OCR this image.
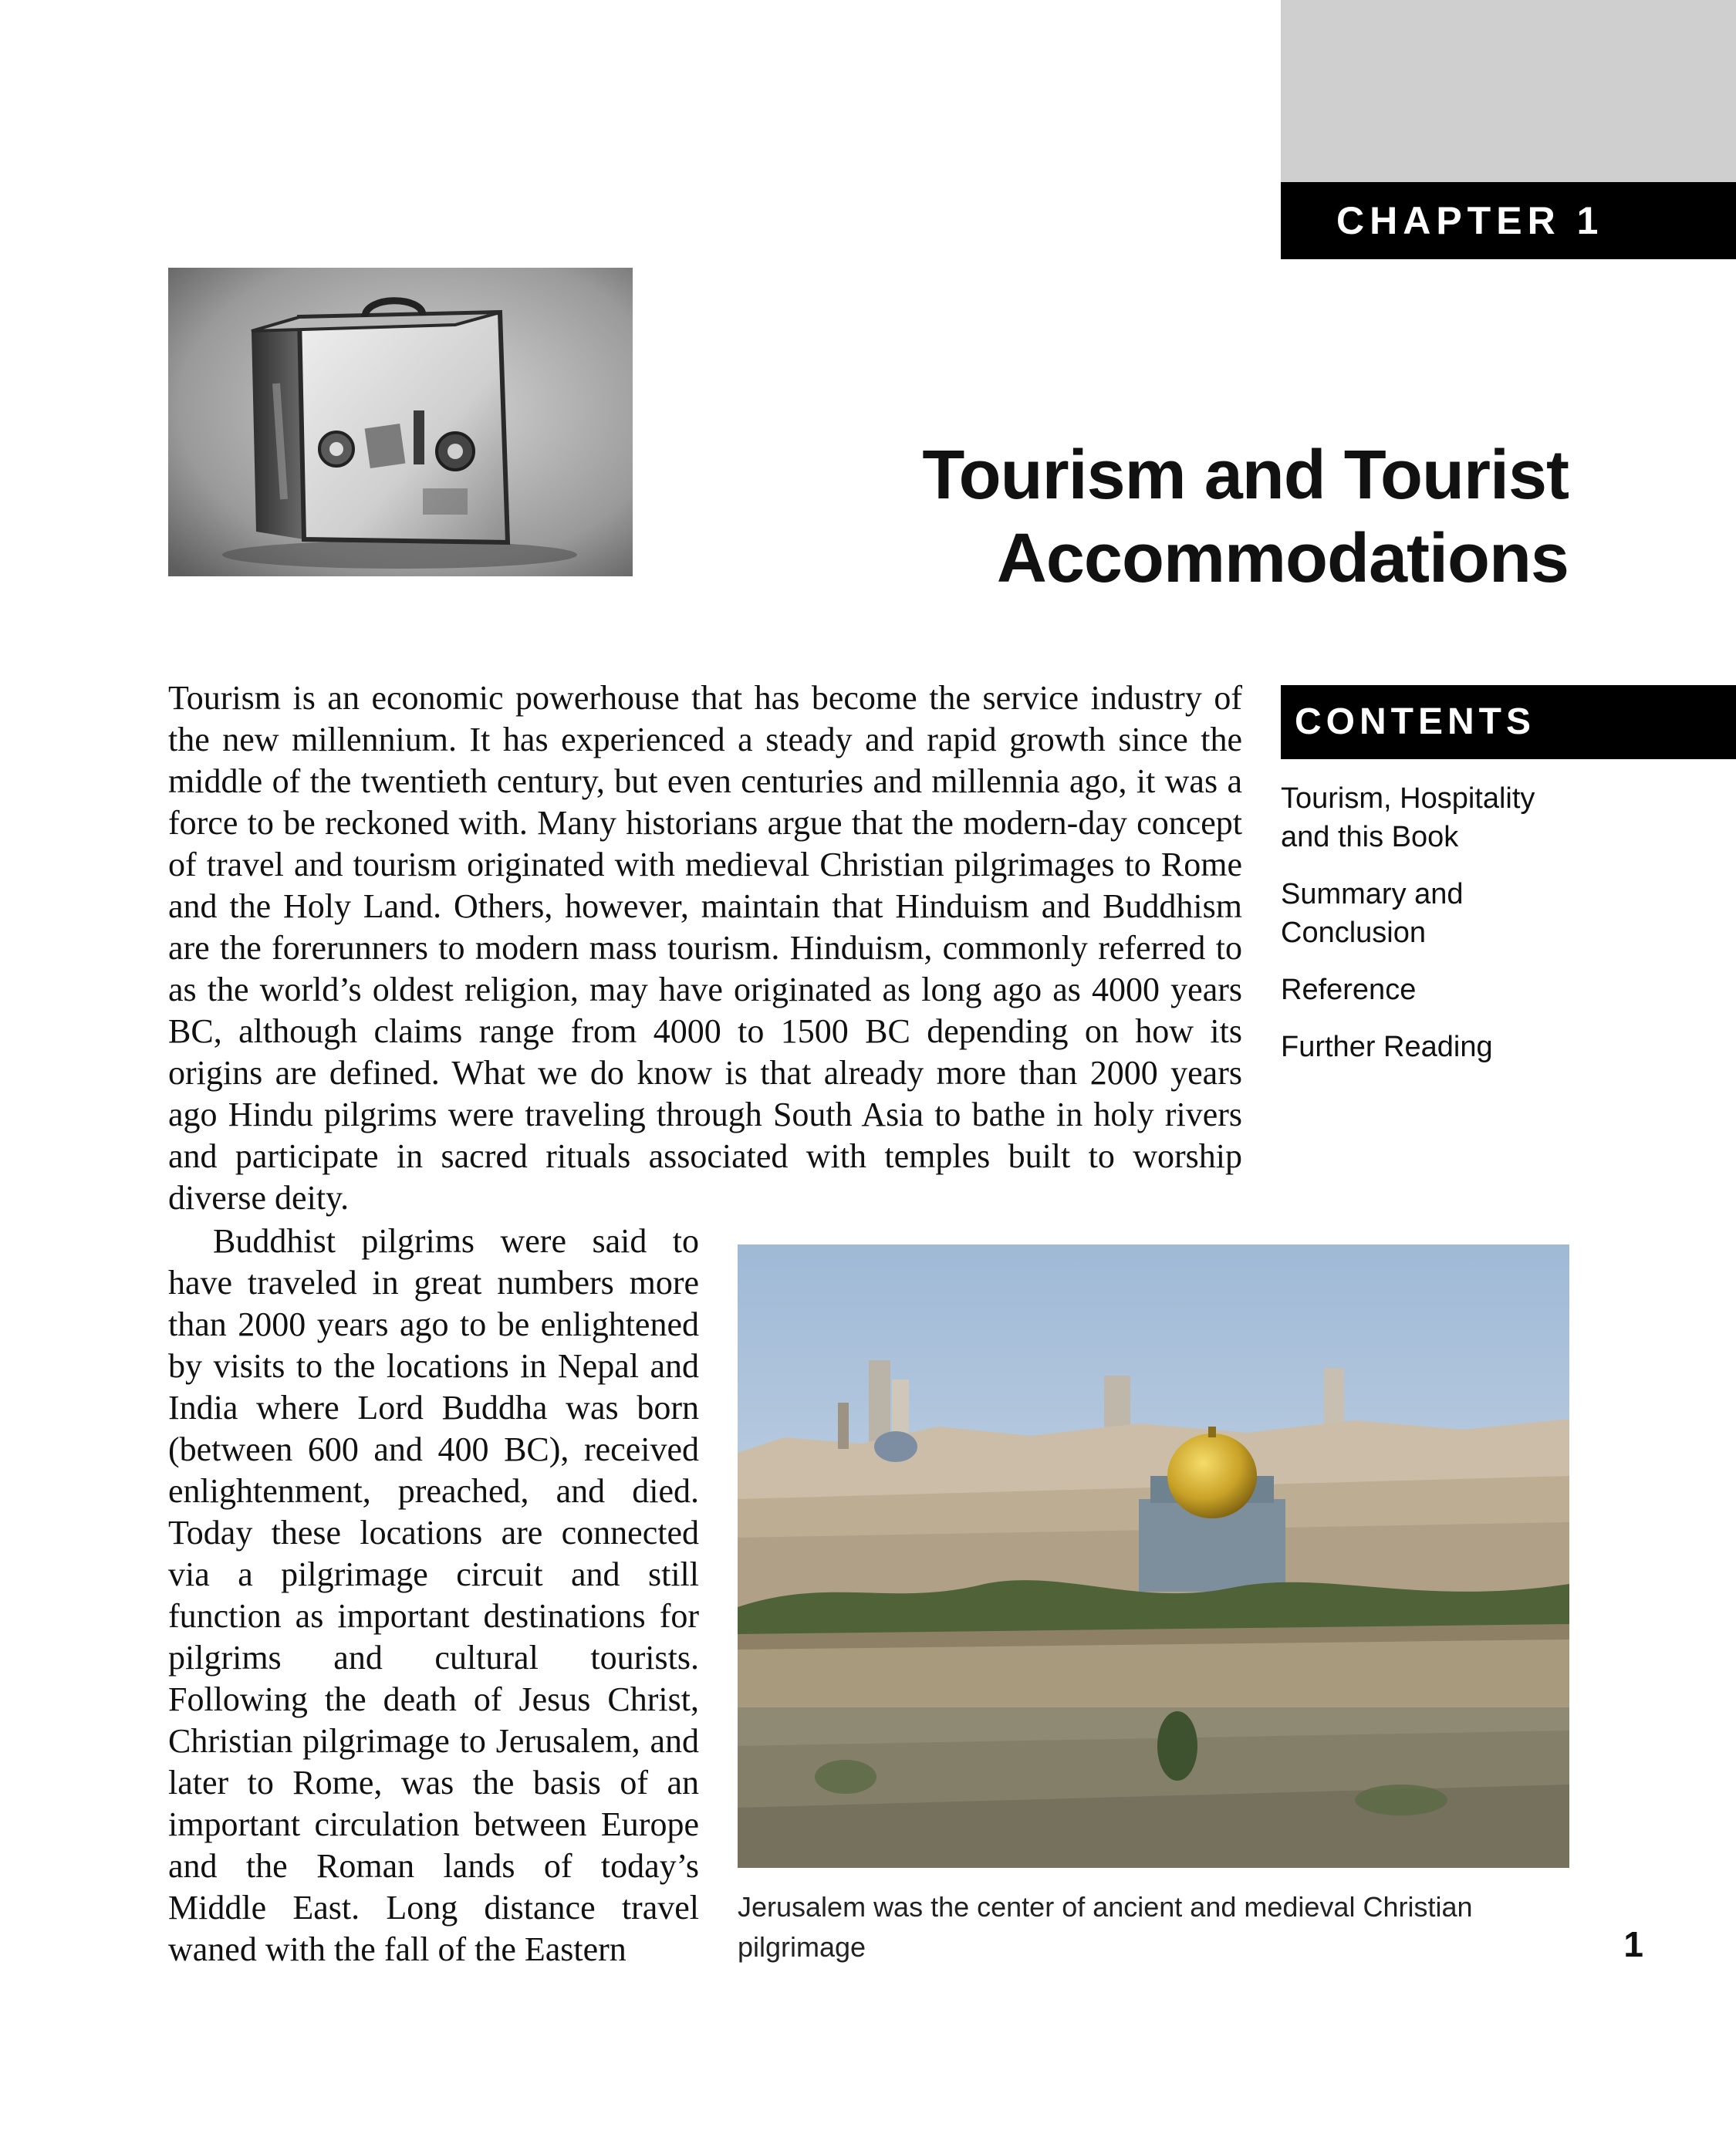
CHAPTER 1
Tourism and Tourist
Accommodations

Tourism is an economic powerhouse that has become the service industry of the new millennium. It has experienced a steady and rapid growth since the middle of the twentieth century, but even centuries and millennia ago, it was a force to be reckoned with. Many historians argue that the modern-day concept of travel and tourism originated with medieval Christian pilgrimages to Rome and the Holy Land. Others, however, maintain that Hinduism and Buddhism are the forerunners to modern mass tourism. Hinduism, commonly referred to as the world’s oldest religion, may have originated as long ago as 4000 years BC, although claims range from 4000 to 1500 BC depending on how its origins are defined. What we do know is that already more than 2000 years ago Hindu pilgrims were traveling through South Asia to bathe in holy rivers and participate in sacred rituals associated with temples built to worship diverse deity.

CONTENTS
Tourism, Hospitality
and this Book
Summary and
Conclusion
Reference
Further Reading

Buddhist pilgrims were said to have traveled in great numbers more than 2000 years ago to be enlightened by visits to the locations in Nepal and India where Lord Buddha was born (between 600 and 400 BC), received enlightenment, preached, and died. Today these locations are connected via a pilgrimage circuit and still function as important destinations for pilgrims and cultural tourists. Following the death of Jesus Christ, Christian pilgrimage to Jerusalem, and later to Rome, was the basis of an important circulation between Europe and the Roman lands of today’s Middle East. Long distance travel waned with the fall of the Eastern

Jerusalem was the center of ancient and medieval Christian
pilgrimage	1
